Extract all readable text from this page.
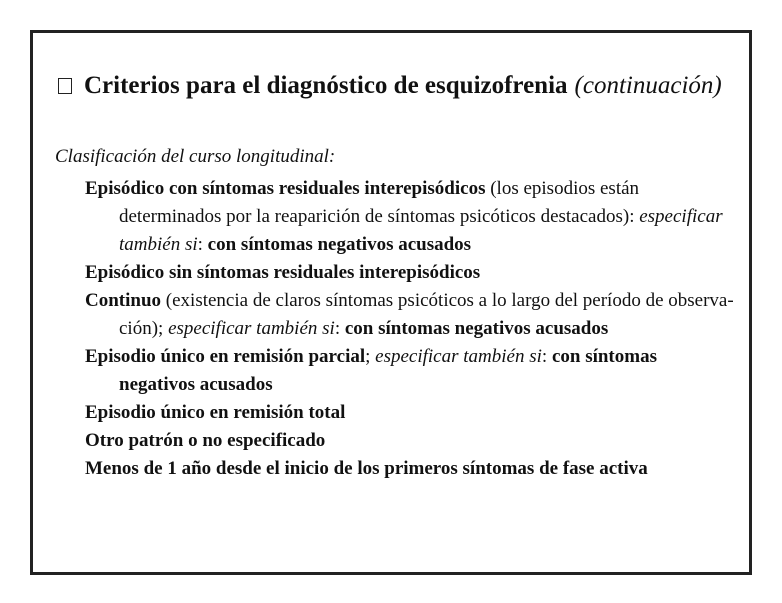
Criterios para el diagnóstico de esquizofrenia (continuación)
Clasificación del curso longitudinal:
Episódico con síntomas residuales interepisódicos (los episodios están determinados por la reaparición de síntomas psicóticos destacados): especificar también si: con síntomas negativos acusados
Episódico sin síntomas residuales interepisódicos
Continuo (existencia de claros síntomas psicóticos a lo largo del período de observación); especificar también si: con síntomas negativos acusados
Episodio único en remisión parcial; especificar también si: con síntomas negativos acusados
Episodio único en remisión total
Otro patrón o no especificado
Menos de 1 año desde el inicio de los primeros síntomas de fase activa
